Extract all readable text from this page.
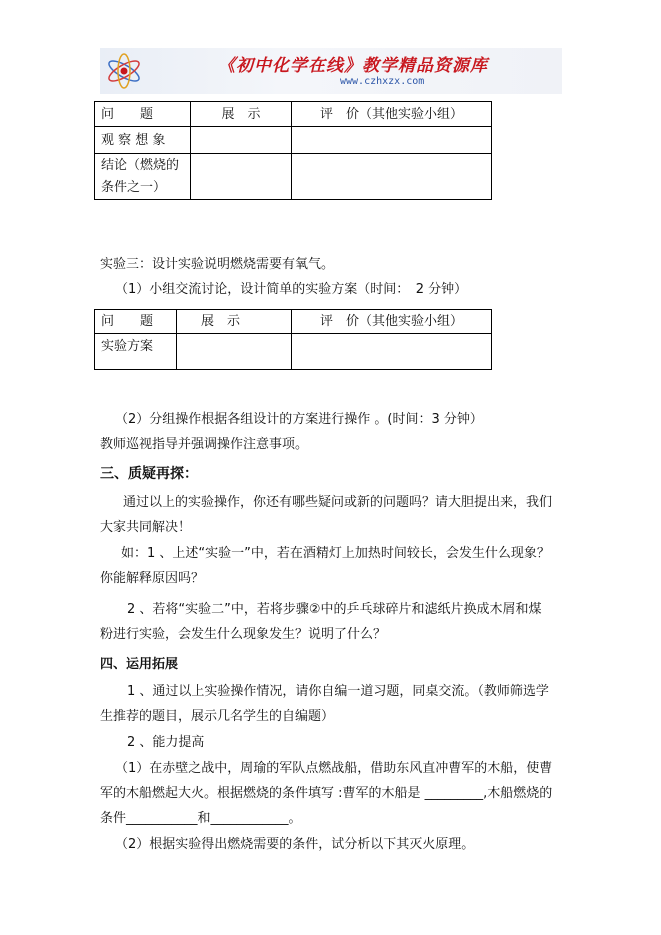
《初中化学在线》教学精品资源库
www.czhxzx.com
问　　题	展　示	评　价（其他实验小组）
观 察 想 象		
结论（燃烧的条件之一）		
实验三：设计实验说明燃烧需要有氧气。
（1）小组交流讨论，设计简单的实验方案（时间：　2 分钟）
问　　题	展　示	评　价（其他实验小组）
实验方案		
（2）分组操作根据各组设计的方案进行操作 。(时间：3 分钟）
教师巡视指导并强调操作注意事项。
三、质疑再探：
通过以上的实验操作，你还有哪些疑问或新的问题吗？请大胆提出来，我们
大家共同解决！
如：1 、上述“实验一”中，若在酒精灯上加热时间较长，会发生什么现象？
你能解释原因吗？
2 、若将“实验二”中，若将步骤②中的乒乓球碎片和滤纸片换成木屑和煤
粉进行实验，会发生什么现象发生？说明了什么？
四、运用拓展
1 、通过以上实验操作情况，请你自编一道习题，同桌交流。（教师筛选学
生推荐的题目，展示几名学生的自编题）
2 、能力提高
（1）在赤壁之战中，周瑜的军队点燃战船，借助东风直冲曹军的木船，使曹
军的木船燃起大火。根据燃烧的条件填写 :曹军的木船是 _________,木船燃烧的
条件___________和____________。
（2）根据实验得出燃烧需要的条件，试分析以下其灭火原理。
